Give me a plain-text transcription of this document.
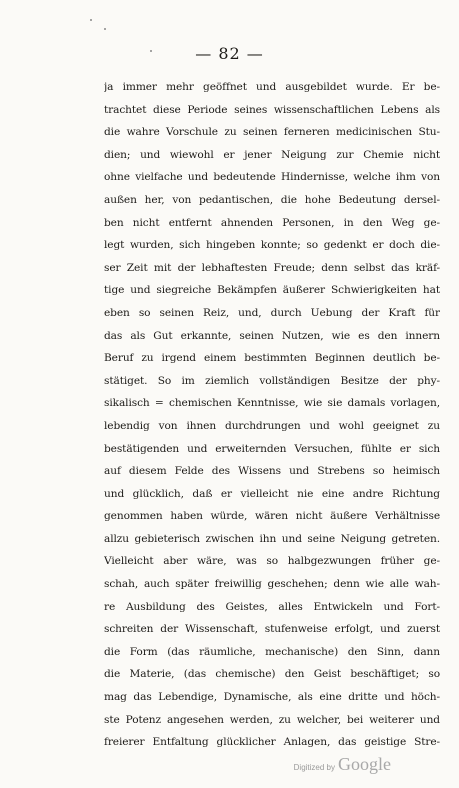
— 82 —
ja immer mehr geöffnet und ausgebildet wurde. Er be-
trachtet diese Periode seines wissenschaftlichen Lebens als
die wahre Vorschule zu seinen ferneren medicinischen Stu-
dien; und wiewohl er jener Neigung zur Chemie nicht
ohne vielfache und bedeutende Hindernisse, welche ihm von
außen her, von pedantischen, die hohe Bedeutung dersel-
ben nicht entfernt ahnenden Personen, in den Weg ge-
legt wurden, sich hingeben konnte; so gedenkt er doch die-
ser Zeit mit der lebhaftesten Freude; denn selbst das kräf-
tige und siegreiche Bekämpfen äußerer Schwierigkeiten hat
eben so seinen Reiz, und, durch Uebung der Kraft für
das als Gut erkannte, seinen Nutzen, wie es den innern
Beruf zu irgend einem bestimmten Beginnen deutlich be-
stätiget. So im ziemlich vollständigen Besitze der phy-
sikalisch = chemischen Kenntnisse, wie sie damals vorlagen,
lebendig von ihnen durchdrungen und wohl geeignet zu
bestätigenden und erweiternden Versuchen, fühlte er sich
auf diesem Felde des Wissens und Strebens so heimisch
und glücklich, daß er vielleicht nie eine andre Richtung
genommen haben würde, wären nicht äußere Verhältnisse
allzu gebieterisch zwischen ihn und seine Neigung getreten.
Vielleicht aber wäre, was so halbgezwungen früher ge-
schah, auch später freiwillig geschehen; denn wie alle wah-
re Ausbildung des Geistes, alles Entwickeln und Fort-
schreiten der Wissenschaft, stufenweise erfolgt, und zuerst
die Form (das räumliche, mechanische) den Sinn, dann
die Materie, (das chemische) den Geist beschäftiget; so
mag das Lebendige, Dynamische, als eine dritte und höch-
ste Potenz angesehen werden, zu welcher, bei weiterer und
freierer Entfaltung glücklicher Anlagen, das geistige Stre-
Digitized by Google
